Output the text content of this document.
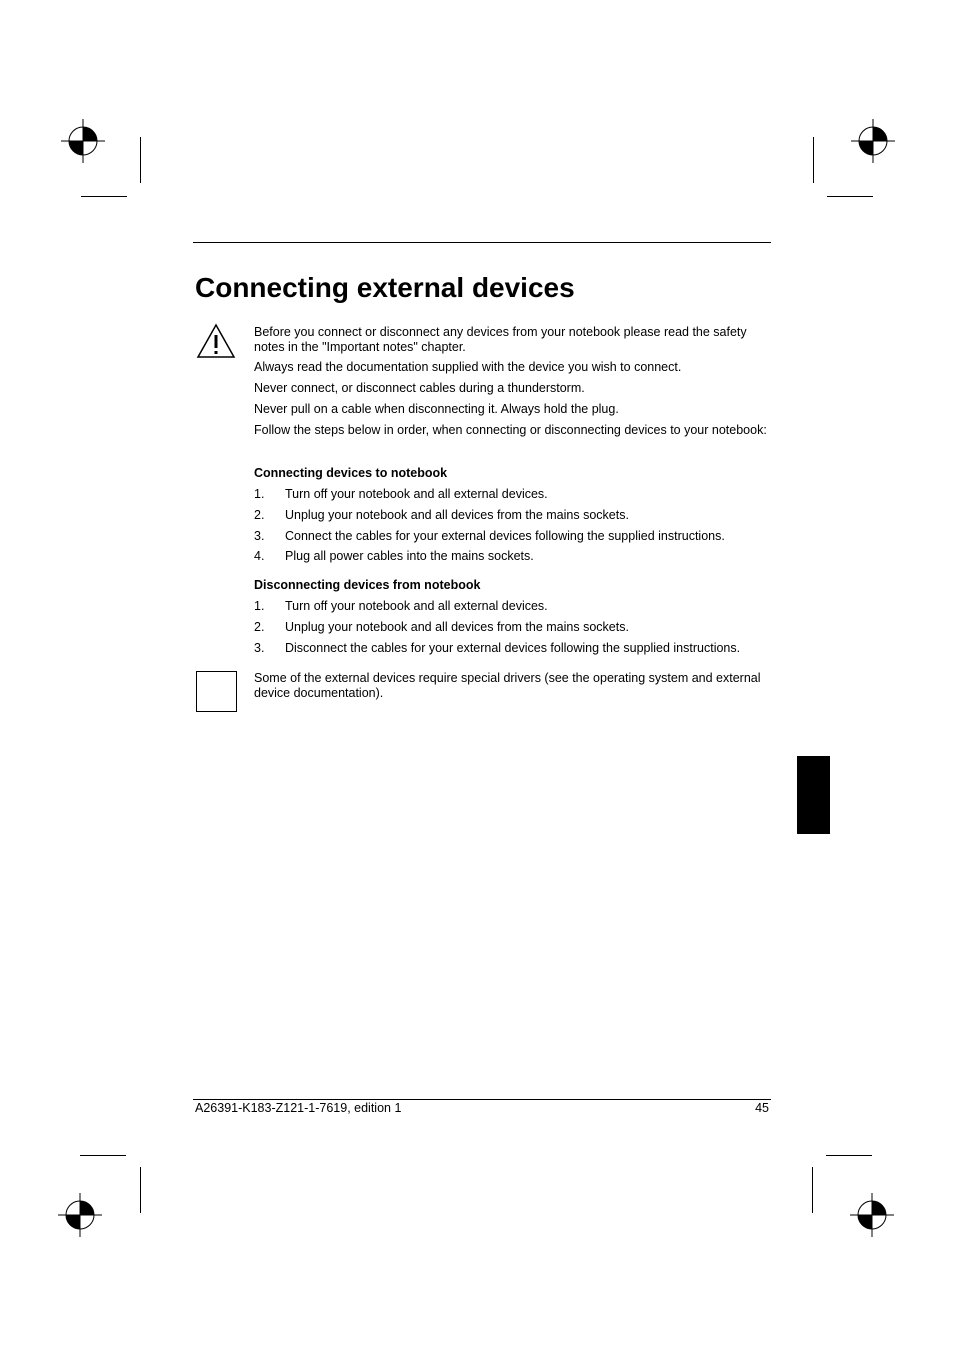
Connecting external devices
Before you connect or disconnect any devices from your notebook please read the safety notes in the "Important notes" chapter.
Always read the documentation supplied with the device you wish to connect.
Never connect, or disconnect cables during a thunderstorm.
Never pull on a cable when disconnecting it. Always hold the plug.
Follow the steps below in order, when connecting or disconnecting devices to your notebook:
Connecting devices to notebook
1.	Turn off your notebook and all external devices.
2.	Unplug your notebook and all devices from the mains sockets.
3.	Connect the cables for your external devices following the supplied instructions.
4.	Plug all power cables into the mains sockets.
Disconnecting devices from notebook
1.	Turn off your notebook and all external devices.
2.	Unplug your notebook and all devices from the mains sockets.
3.	Disconnect the cables for your external devices following the supplied instructions.
Some of the external devices require special drivers (see the operating system and external device documentation).
A26391-K183-Z121-1-7619, edition 1	45
